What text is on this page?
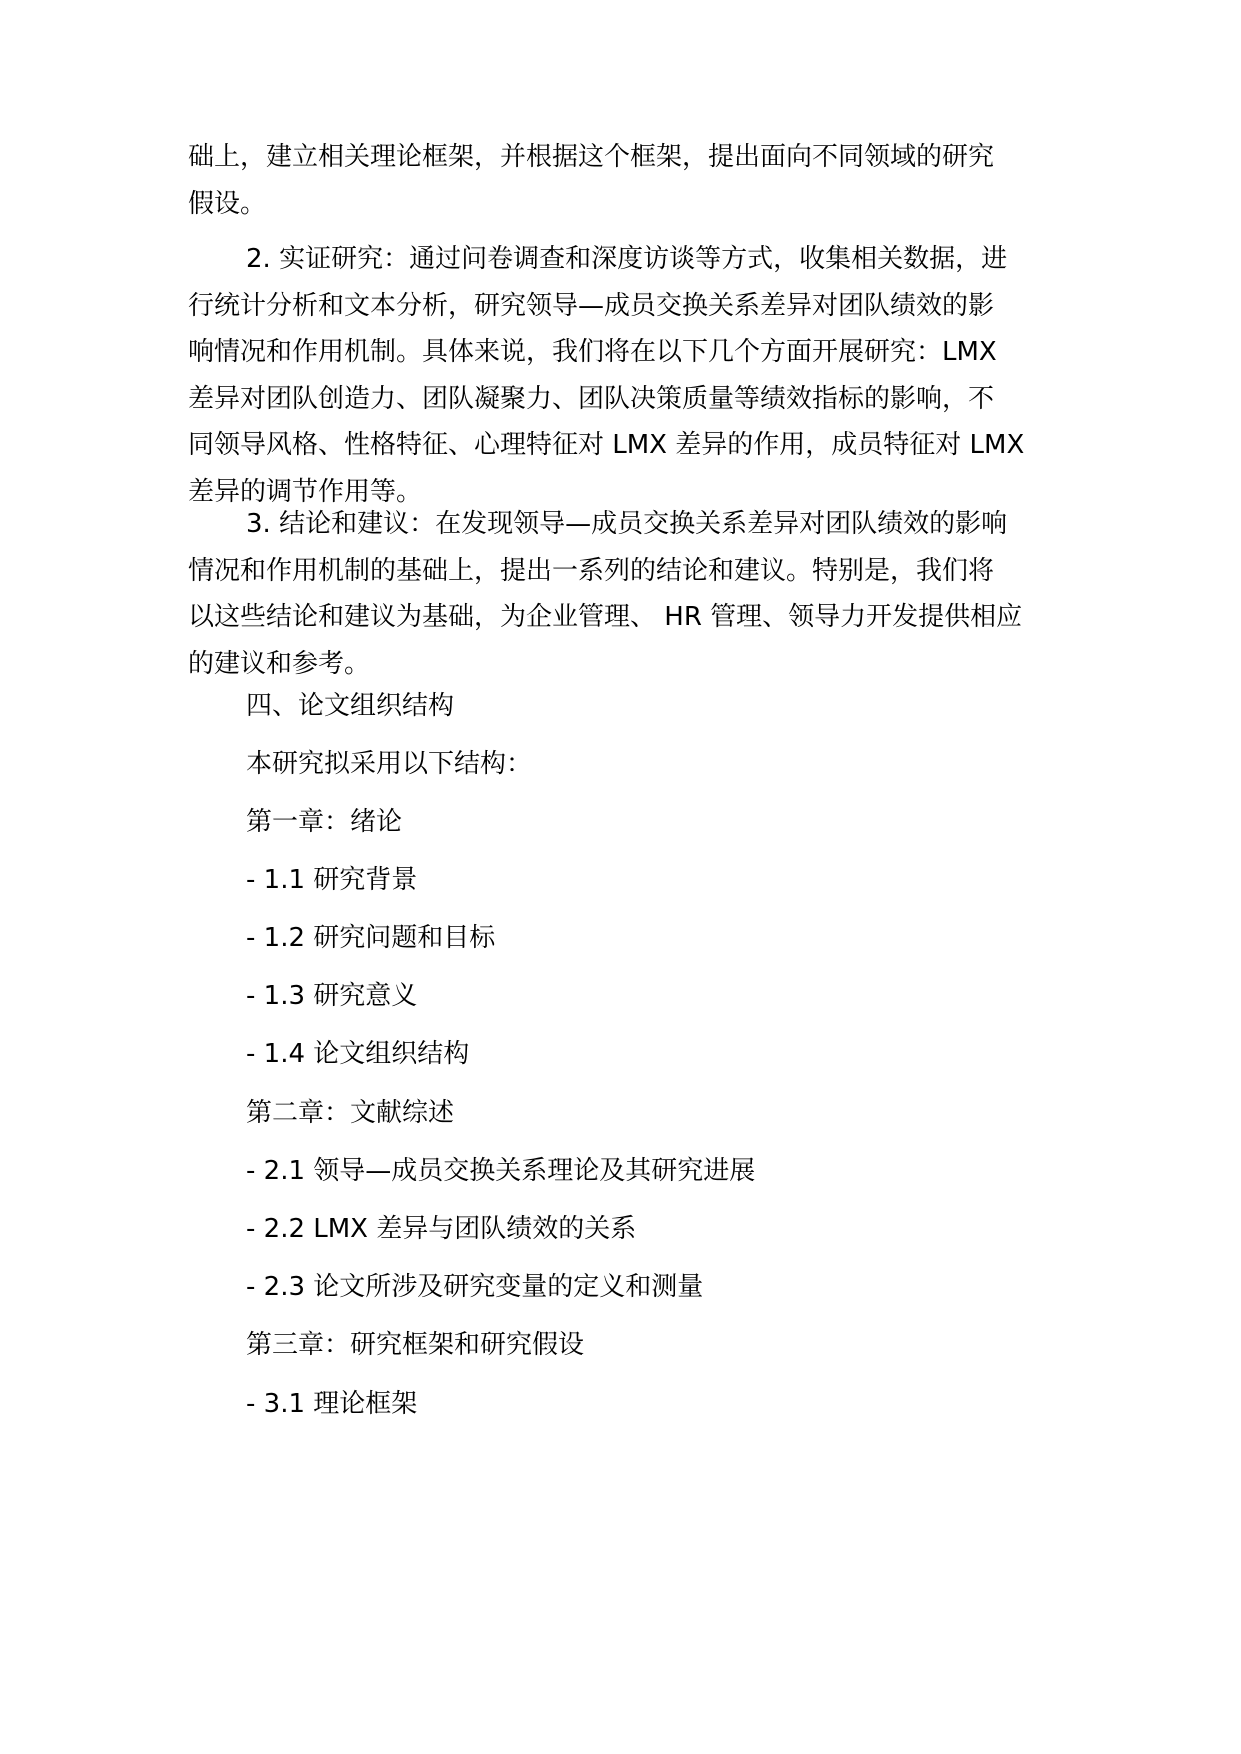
础上，建立相关理论框架，并根据这个框架，提出面向不同领域的研究
假设。
2. 实证研究：通过问卷调查和深度访谈等方式，收集相关数据，进
行统计分析和文本分析，研究领导—成员交换关系差异对团队绩效的影
响情况和作用机制。具体来说，我们将在以下几个方面开展研究：LMX
差异对团队创造力、团队凝聚力、团队决策质量等绩效指标的影响，不
同领导风格、性格特征、心理特征对 LMX 差异的作用，成员特征对 LMX
差异的调节作用等。
3. 结论和建议：在发现领导—成员交换关系差异对团队绩效的影响
情况和作用机制的基础上，提出一系列的结论和建议。特别是，我们将
以这些结论和建议为基础，为企业管理、 HR 管理、领导力开发提供相应
的建议和参考。

四、论文组织结构

本研究拟采用以下结构：

第一章：绪论

- 1.1 研究背景

- 1.2 研究问题和目标

- 1.3 研究意义

- 1.4 论文组织结构

第二章：文献综述

- 2.1 领导—成员交换关系理论及其研究进展

- 2.2 LMX 差异与团队绩效的关系

- 2.3 论文所涉及研究变量的定义和测量

第三章：研究框架和研究假设

- 3.1 理论框架
